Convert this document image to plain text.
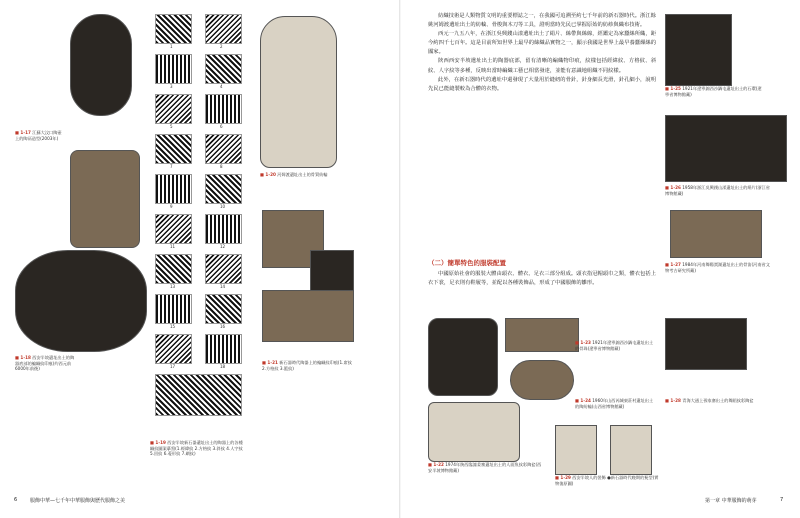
■ 1-17 江蘇大汶口陶壺上的陶鬲造型(2003年)
■ 1-18 西安半坡遺址出土的陶器底部的編織紋印痕(約西元前6000年前後)
1	2
3	4
5	6
7	8
9	10
11	12
13	14
15	16
17	18
■ 1-19 西安半坡新石器遺址出土的陶器上的各種織紋圖案摹寫(1.經緯紋 2.方格紋 3.斜紋 4.人字紋 5.回紋 6.菱形紋 7.網紋)
■ 1-20 河姆渡遺址出土的骨質紡輪
■ 1-21 新石器時代陶器上的編織紋印痕(1.席紋 2.方格紋 3.籃紋)
6	服飾中華—七千年中華服飾與歷代服飾之美

紡織技術是人類物質文明的重要標誌之一，在我國可追溯至約七千年前的新石器時代。浙江餘姚河姆渡遺址出土的紡輪、骨梭與木刀等工具，證明當時先民已掌握原始的紡紗與織布技術。

西元一九五八年，在浙江吳興錢山漾遺址出土了絹片、絲帶與絲線，經鑑定為家蠶絲所織，距今約四千七百年。這是目前所知世界上最早的絲織品實物之一，顯示我國是世界上最早養蠶繅絲的國家。

陝西西安半坡遺址出土的陶器底部，留有清晰的編織物印痕，紋樣包括經緯紋、方格紋、斜紋、人字紋等多種，反映出當時編織工藝已相當發達，並能有意識地組織不同紋樣。

此外，在新石器時代的遺址中還發現了大量用於縫紉的骨針，針身細長光滑，針孔細小，說明先民已能縫製較為合體的衣物。

（二）簡單特色的服裝配置

中國原始社會的服裝大體由頭衣、體衣、足衣三部分組成。頭衣指冠帽頭巾之類，體衣包括上衣下裳，足衣則有鞋履等，並配以各種裝飾品，形成了中國服飾的雛形。

■ 1-25 1921年遼寧錦西沙鍋屯遺址出土的石環(遼寧省博物館藏)
■ 1-26 1958年浙江吳興錢山漾遺址出土的絹片(浙江省博物館藏)
■ 1-27 1984年河南舞陽賈湖遺址出土的骨笛(河南省文物考古研究所藏)
■ 1-23 1921年遼寧錦西沙鍋屯遺址出土的骨珠(遼寧省博物館藏)
■ 1-24 1960年山西芮城東莊村遺址出土的陶紡輪(山西省博物館藏)
■ 1-22 1974年陝西臨潼姜寨遺址出土的人面魚紋彩陶盆(西安半坡博物館藏)
■ 1-29 西安半坡人的裝飾 ●新石器時代晚期的髮型(實物復原圖)
■ 1-28 青海大通上孫家寨出土的舞蹈紋彩陶盆
第一章 中華服飾的萌芽	7
